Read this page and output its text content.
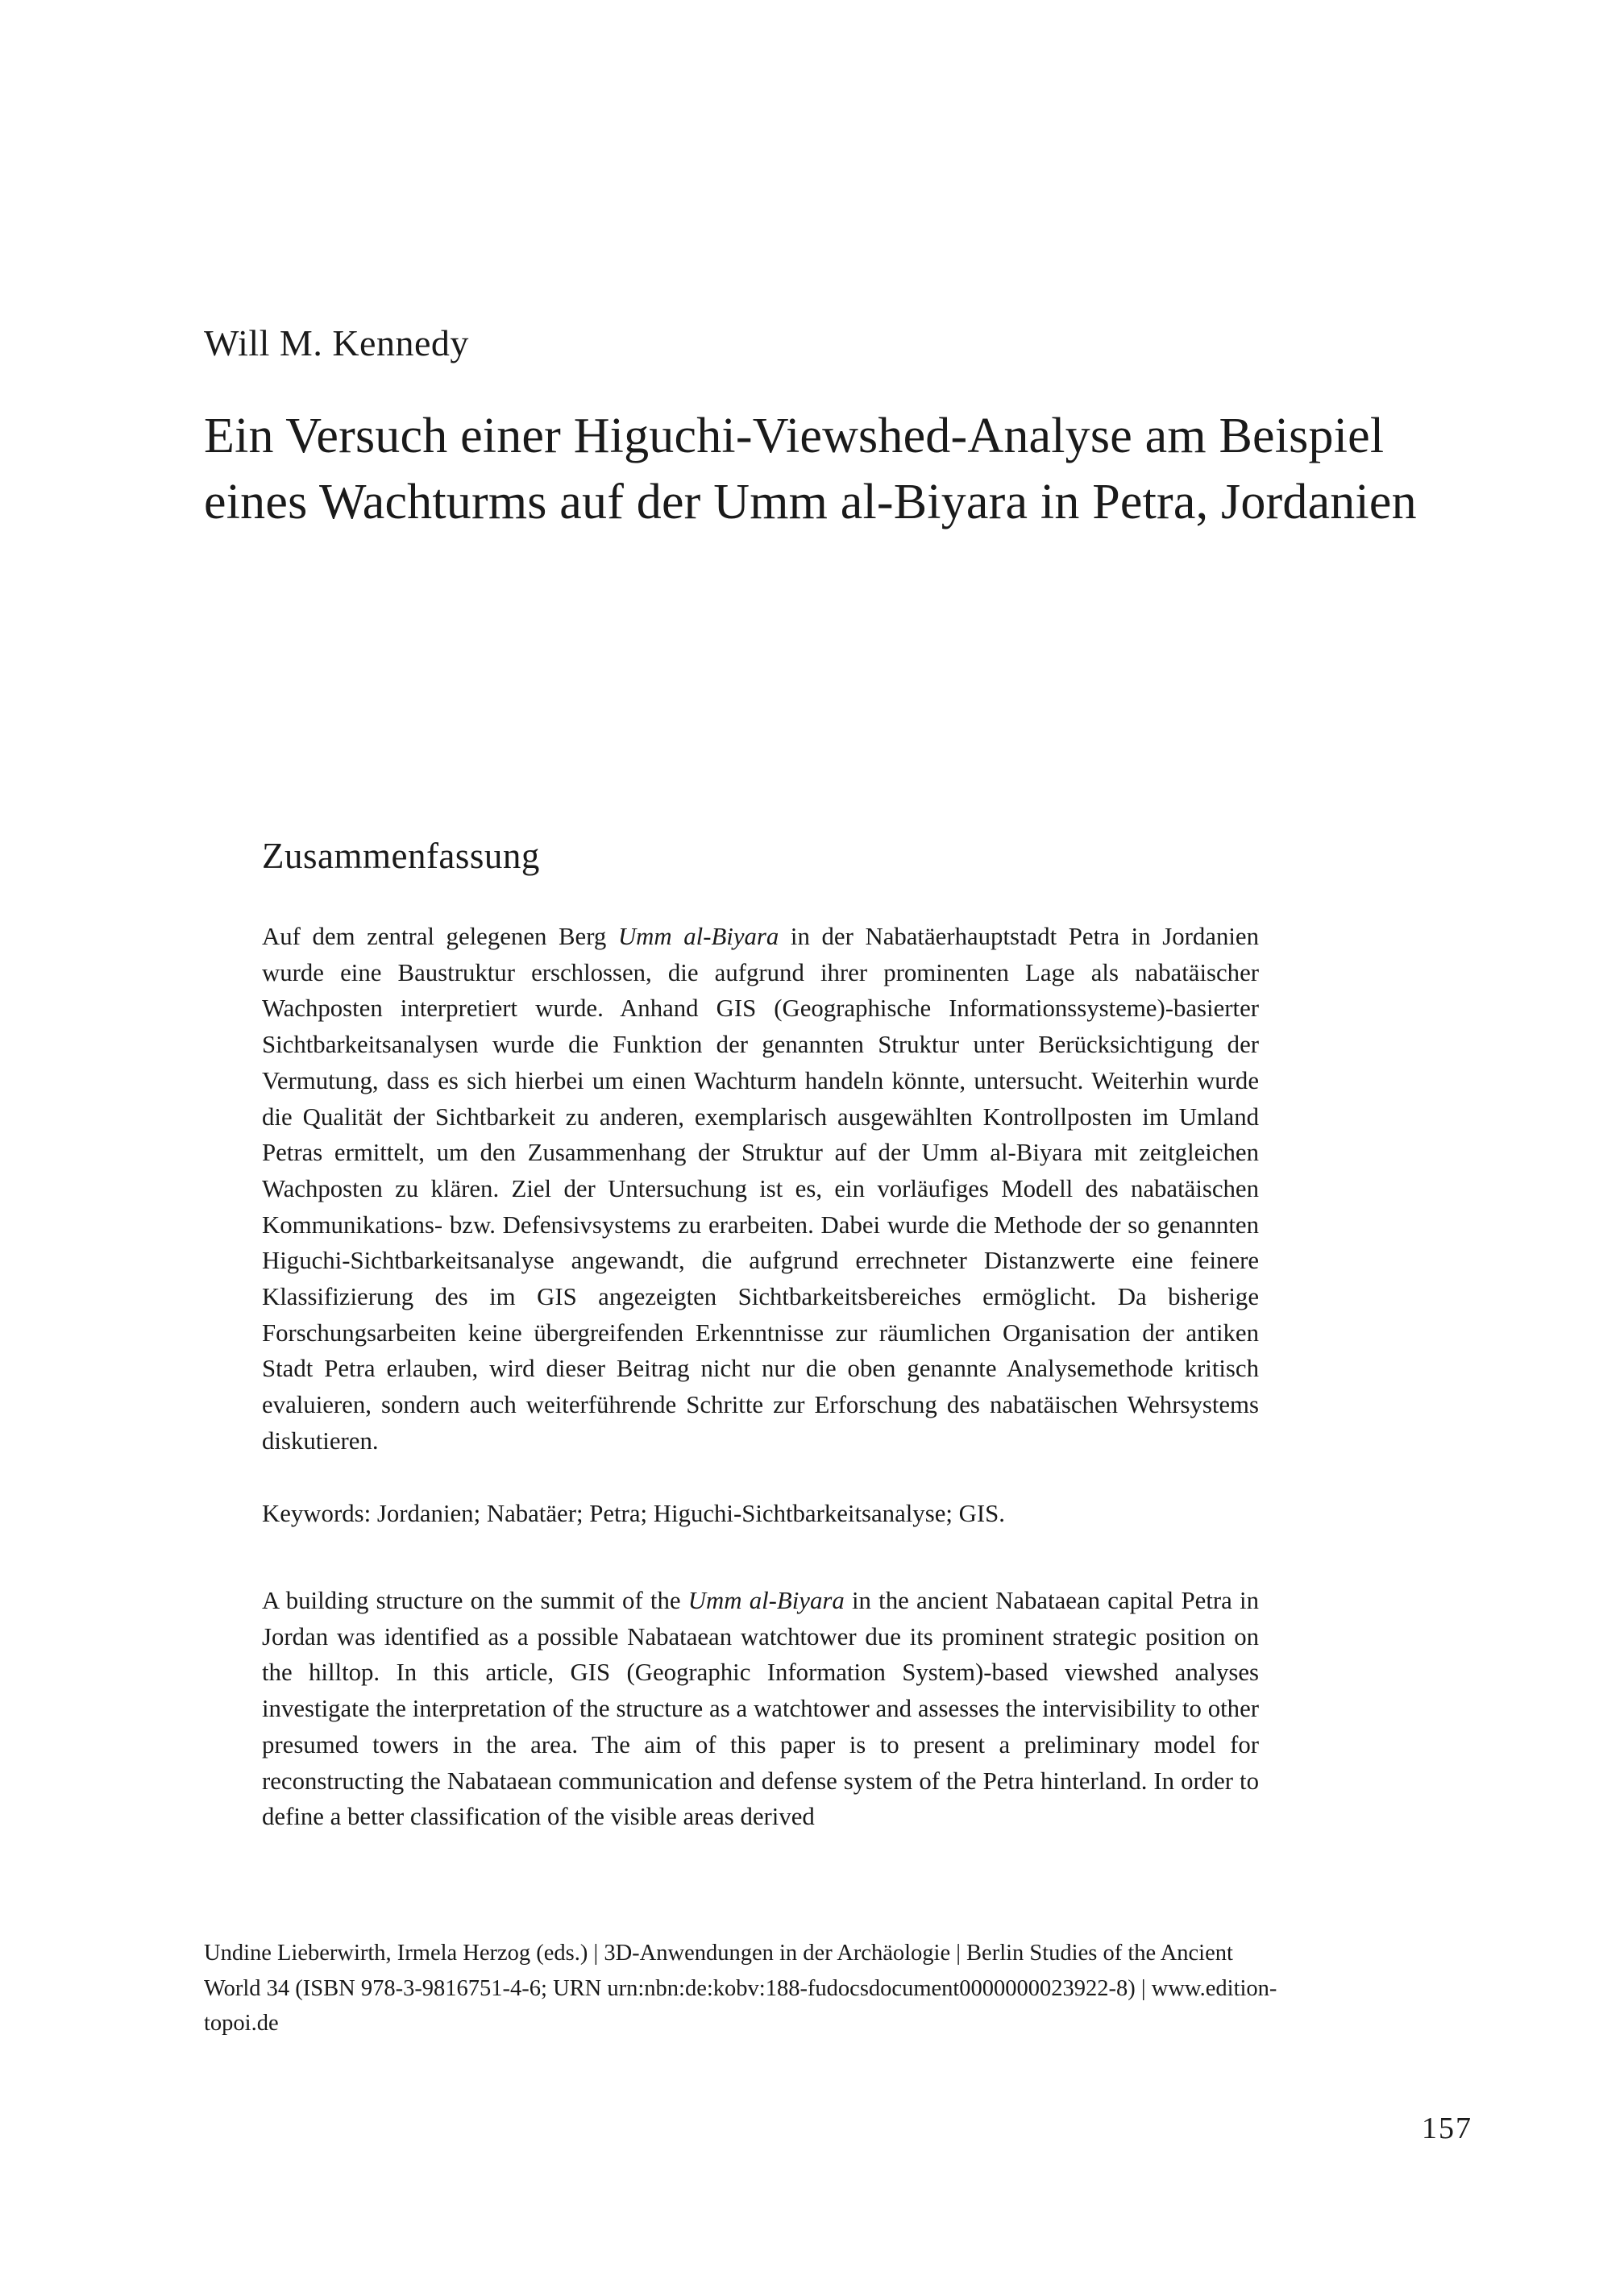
Will M. Kennedy
Ein Versuch einer Higuchi-Viewshed-Analyse am Beispiel eines Wachturms auf der Umm al-Biyara in Petra, Jordanien
Zusammenfassung

Auf dem zentral gelegenen Berg Umm al-Biyara in der Nabatäerhauptstadt Petra in Jordanien wurde eine Baustruktur erschlossen, die aufgrund ihrer prominenten Lage als nabatäischer Wachposten interpretiert wurde. Anhand GIS (Geographische Informationssysteme)-basierter Sichtbarkeitsanalysen wurde die Funktion der genannten Struktur unter Berücksichtigung der Vermutung, dass es sich hierbei um einen Wachturm handeln könnte, untersucht. Weiterhin wurde die Qualität der Sichtbarkeit zu anderen, exemplarisch ausgewählten Kontrollposten im Umland Petras ermittelt, um den Zusammenhang der Struktur auf der Umm al-Biyara mit zeitgleichen Wachposten zu klären. Ziel der Untersuchung ist es, ein vorläufiges Modell des nabatäischen Kommunikations- bzw. Defensivsystems zu erarbeiten. Dabei wurde die Methode der so genannten Higuchi-Sichtbarkeitsanalyse angewandt, die aufgrund errechneter Distanzwerte eine feinere Klassifizierung des im GIS angezeigten Sichtbarkeitsbereiches ermöglicht. Da bisherige Forschungsarbeiten keine übergreifenden Erkenntnisse zur räumlichen Organisation der antiken Stadt Petra erlauben, wird dieser Beitrag nicht nur die oben genannte Analysemethode kritisch evaluieren, sondern auch weiterführende Schritte zur Erforschung des nabatäischen Wehrsystems diskutieren.

Keywords: Jordanien; Nabatäer; Petra; Higuchi-Sichtbarkeitsanalyse; GIS.

A building structure on the summit of the Umm al-Biyara in the ancient Nabataean capital Petra in Jordan was identified as a possible Nabataean watchtower due its prominent strategic position on the hilltop. In this article, GIS (Geographic Information System)-based viewshed analyses investigate the interpretation of the structure as a watchtower and assesses the intervisibility to other presumed towers in the area. The aim of this paper is to present a preliminary model for reconstructing the Nabataean communication and defense system of the Petra hinterland. In order to define a better classification of the visible areas derived

Undine Lieberwirth, Irmela Herzog (eds.) | 3D-Anwendungen in der Archäologie | Berlin Studies of the Ancient World 34 (ISBN 978-3-9816751-4-6; URN urn:nbn:de:kobv:188-fudocsdocument0000000023922-8) | www.edition-topoi.de

157
